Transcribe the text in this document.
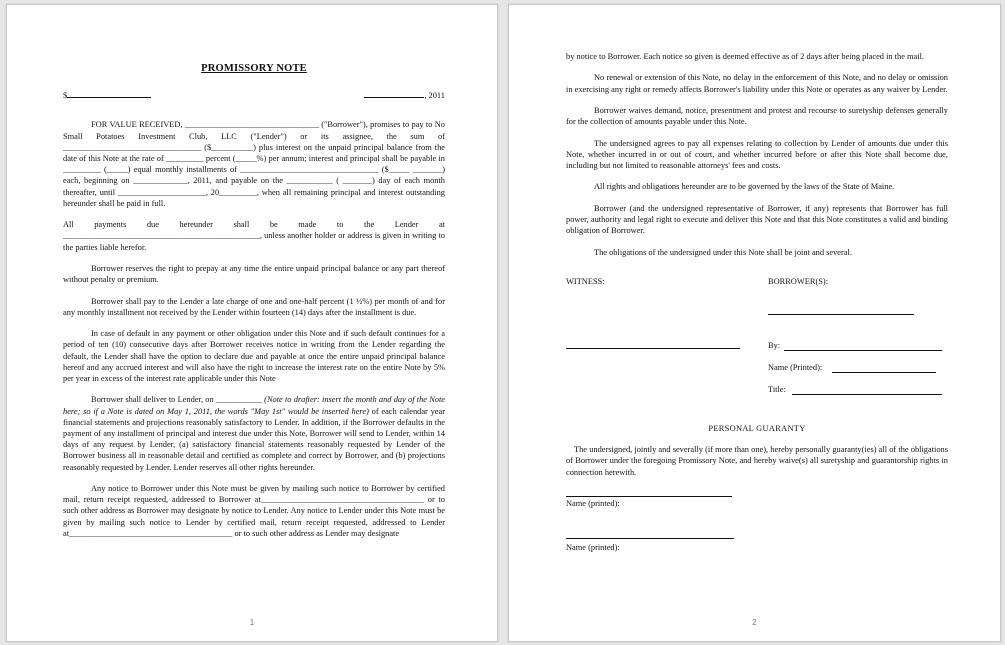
PROMISSORY NOTE
$	, 2011

FOR VALUE RECEIVED, ________________________________ ("Borrower"), promises to pay to No Small Potatoes Investment Club, LLC ("Lender") or its assignee, the sum of _________________________________ ($__________) plus interest on the unpaid principal balance from the date of this Note at the rate of _________ percent (_____%) per annum; interest and principal shall be payable in _________ (_____) equal monthly installments of _________________________________ ($_____ _______) each, beginning on _____________, 2011, and payable on the ___________ ( _______) day of each month thereafter, until _____________________, 20_________, when all remaining principal and interest outstanding hereunder shall be paid in full.

All payments due hereunder shall be made to the Lender at _______________________________________________, unless another holder or address is given in writing to the parties liable herefor.

Borrower reserves the right to prepay at any time the entire unpaid principal balance or any part thereof without penalty or premium.

Borrower shall pay to the Lender a late charge of one and one-half percent (1 ½%) per month of and for any monthly installment not received by the Lender within fourteen (14) days after the installment is due.

In case of default in any payment or other obligation under this Note and if such default continues for a period of ten (10) consecutive days after Borrower receives notice in writing from the Lender regarding the default, the Lender shall have the option to declare due and payable at once the entire unpaid principal balance hereof and any accrued interest and will also have the right to increase the interest rate on the entire Note by 5% per year in excess of the interest rate applicable under this Note

Borrower shall deliver to Lender, on ___________ (Note to drafter: insert the month and day of the Note here; so if a Note is dated on May 1, 2011, the words "May 1st" would be inserted here) of each calendar year financial statements and projections reasonably satisfactory to Lender. In addition, if the Borrower defaults in the payment of any installment of principal and interest due under this Note, Borrower will send to Lender, within 14 days of any request by Lender, (a) satisfactory financial statements reasonably requested by Lender of the Borrower business all in reasonable detail and certified as complete and correct by Borrower, and (b) projections reasonably requested by Lender. Lender reserves all other rights hereunder.

Any notice to Borrower under this Note must be given by mailing such notice to Borrower by certified mail, return receipt requested, addressed to Borrower at_______________________________________ or to such other address as Borrower may designate by notice to Lender. Any notice to Lender under this Note must be given by mailing such notice to Lender by certified mail, return receipt requested, addressed to Lender at_______________________________________ or to such other address as Lender may designate

1

by notice to Borrower. Each notice so given is deemed effective as of 2 days after being placed in the mail.

No renewal or extension of this Note, no delay in the enforcement of this Note, and no delay or omission in exercising any right or remedy affects Borrower's liability under this Note or operates as any waiver by Lender.

Borrower waives demand, notice, presentment and protest and recourse to suretyship defenses generally for the collection of amounts payable under this Note.

The undersigned agrees to pay all expenses relating to collection by Lender of amounts due under this Note, whether incurred in or out of court, and whether incurred before or after this Note shall become due, including but not limited to reasonable attorneys' fees and costs.

All rights and obligations hereunder are to be governed by the laws of the State of Maine.

Borrower (and the undersigned representative of Borrower, if any) represents that Borrower has full power, authority and legal right to execute and deliver this Note and that this Note constitutes a valid and binding obligation of Borrower.

The obligations of the undersigned under this Note shall be joint and several.

WITNESS:	BORROWER(S):
By:
Name (Printed):
Title:
PERSONAL GUARANTY

The undersigned, jointly and severally (if more than one), hereby personally guaranty(ies) all of the obligations of Borrower under the foregoing Promissory Note, and hereby waive(s) all suretyship and guarantorship rights in connection herewith.

Name (printed):
Name (printed):
2
